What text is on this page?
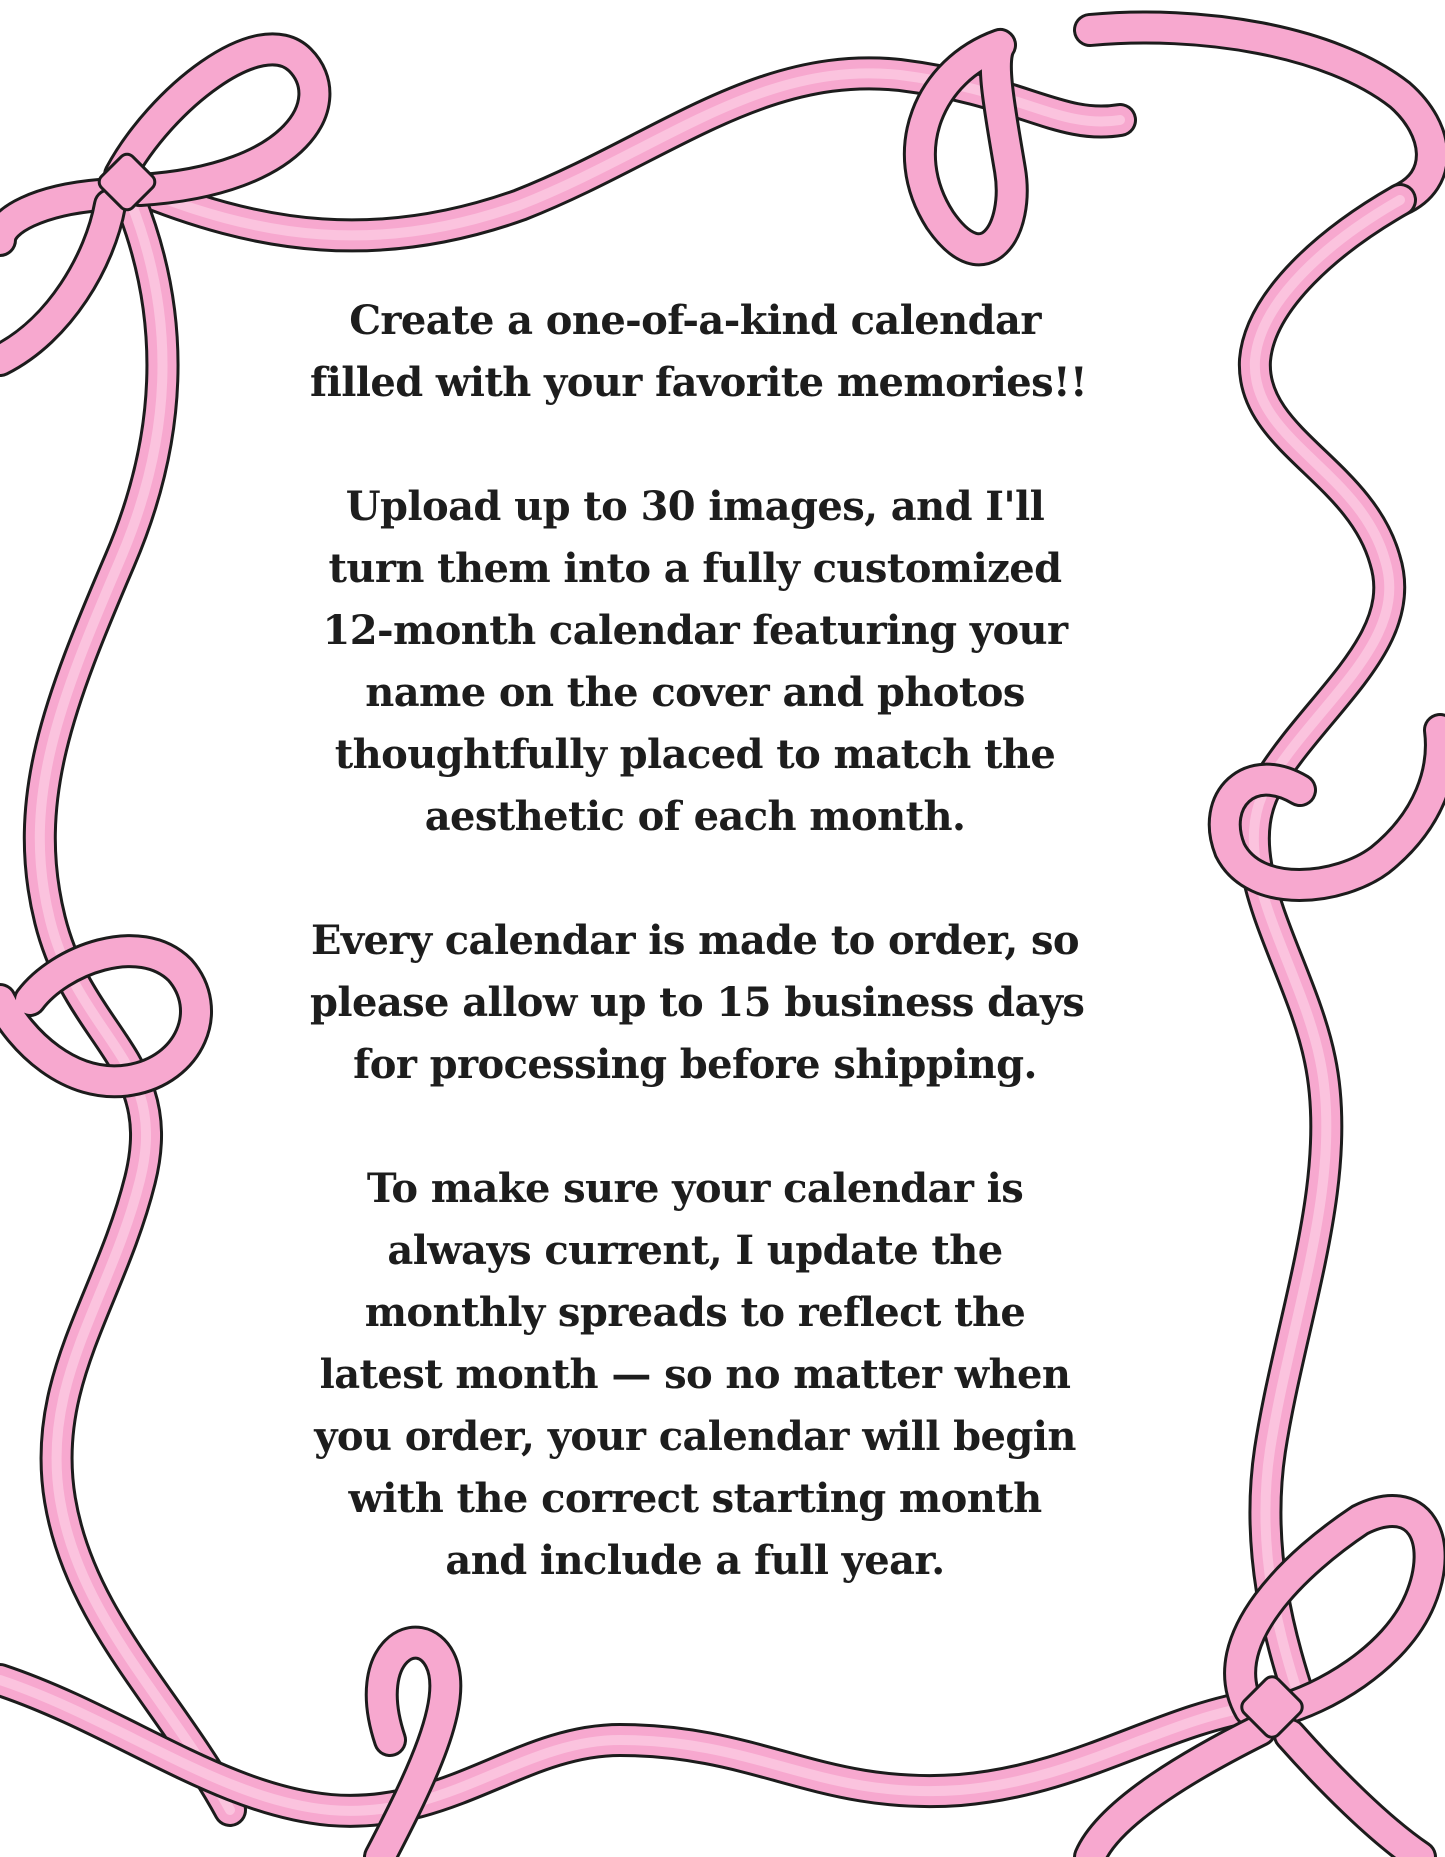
Create a one-of-a-kind calendar
filled with your favorite memories!!

Upload up to 30 images, and I'll
turn them into a fully customized
12-month calendar featuring your
name on the cover and photos
thoughtfully placed to match the
aesthetic of each month.

Every calendar is made to order, so
please allow up to 15 business days
for processing before shipping.

To make sure your calendar is
always current, I update the
monthly spreads to reflect the
latest month — so no matter when
you order, your calendar will begin
with the correct starting month
and include a full year.
